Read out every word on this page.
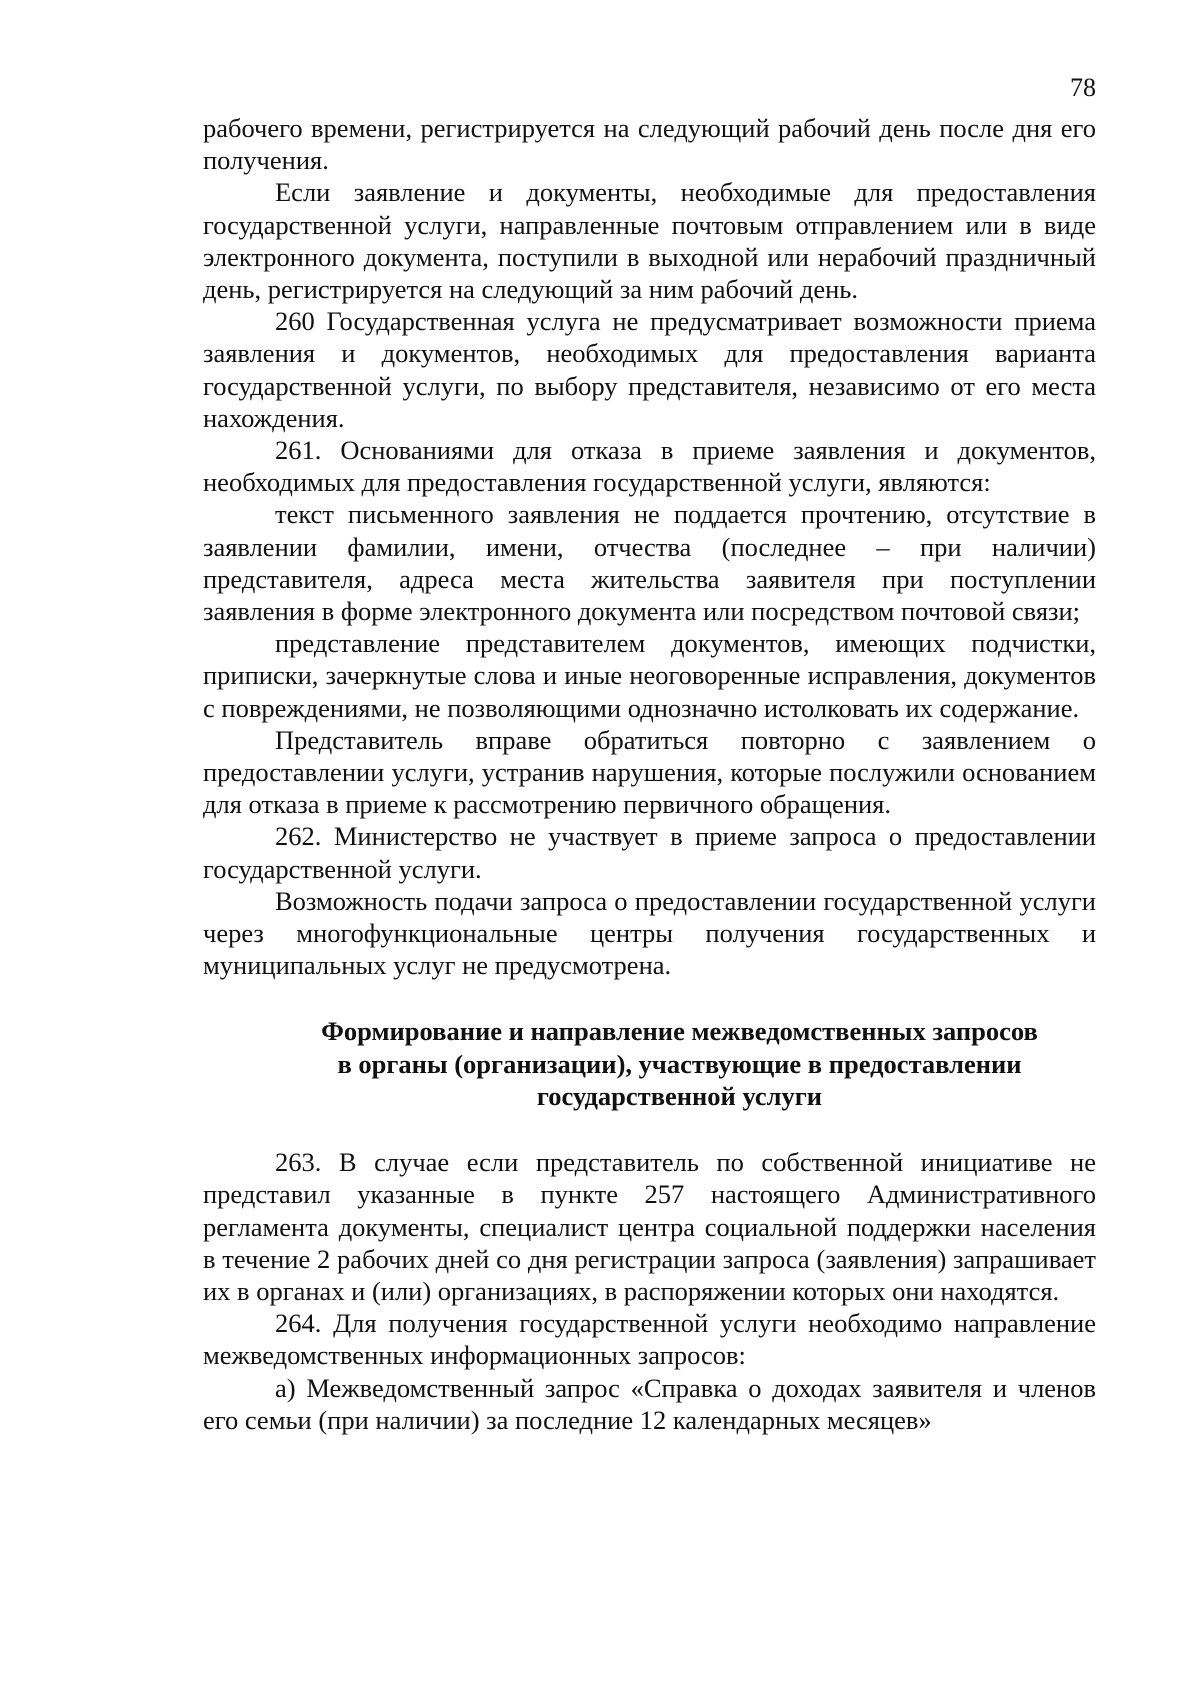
78

рабочего времени, регистрируется на следующий рабочий день после дня его получения.

Если заявление и документы, необходимые для предоставления государственной услуги, направленные почтовым отправлением или в виде электронного документа, поступили в выходной или нерабочий праздничный день, регистрируется на следующий за ним рабочий день.

260 Государственная услуга не предусматривает возможности приема заявления и документов, необходимых для предоставления варианта государственной услуги, по выбору представителя, независимо от его места нахождения.

261. Основаниями для отказа в приеме заявления и документов, необходимых для предоставления государственной услуги, являются:

текст письменного заявления не поддается прочтению, отсутствие в заявлении фамилии, имени, отчества (последнее – при наличии) представителя, адреса места жительства заявителя при поступлении заявления в форме электронного документа или посредством почтовой связи;

представление представителем документов, имеющих подчистки, приписки, зачеркнутые слова и иные неоговоренные исправления, документов с повреждениями, не позволяющими однозначно истолковать их содержание.

Представитель вправе обратиться повторно с заявлением о предоставлении услуги, устранив нарушения, которые послужили основанием для отказа в приеме к рассмотрению первичного обращения.

262. Министерство не участвует в приеме запроса о предоставлении государственной услуги.

Возможность подачи запроса о предоставлении государственной услуги через многофункциональные центры получения государственных и муниципальных услуг не предусмотрена.

Формирование и направление межведомственных запросов

в органы (организации), участвующие в предоставлении

государственной услуги

263. В случае если представитель по собственной инициативе не представил указанные в пункте 257 настоящего Административного регламента документы, специалист центра социальной поддержки населения в течение 2 рабочих дней со дня регистрации запроса (заявления) запрашивает их в органах и (или) организациях, в распоряжении которых они находятся.

264. Для получения государственной услуги необходимо направление межведомственных информационных запросов:

а) Межведомственный запрос «Справка о доходах заявителя и членов его семьи (при наличии) за последние 12 календарных месяцев»
